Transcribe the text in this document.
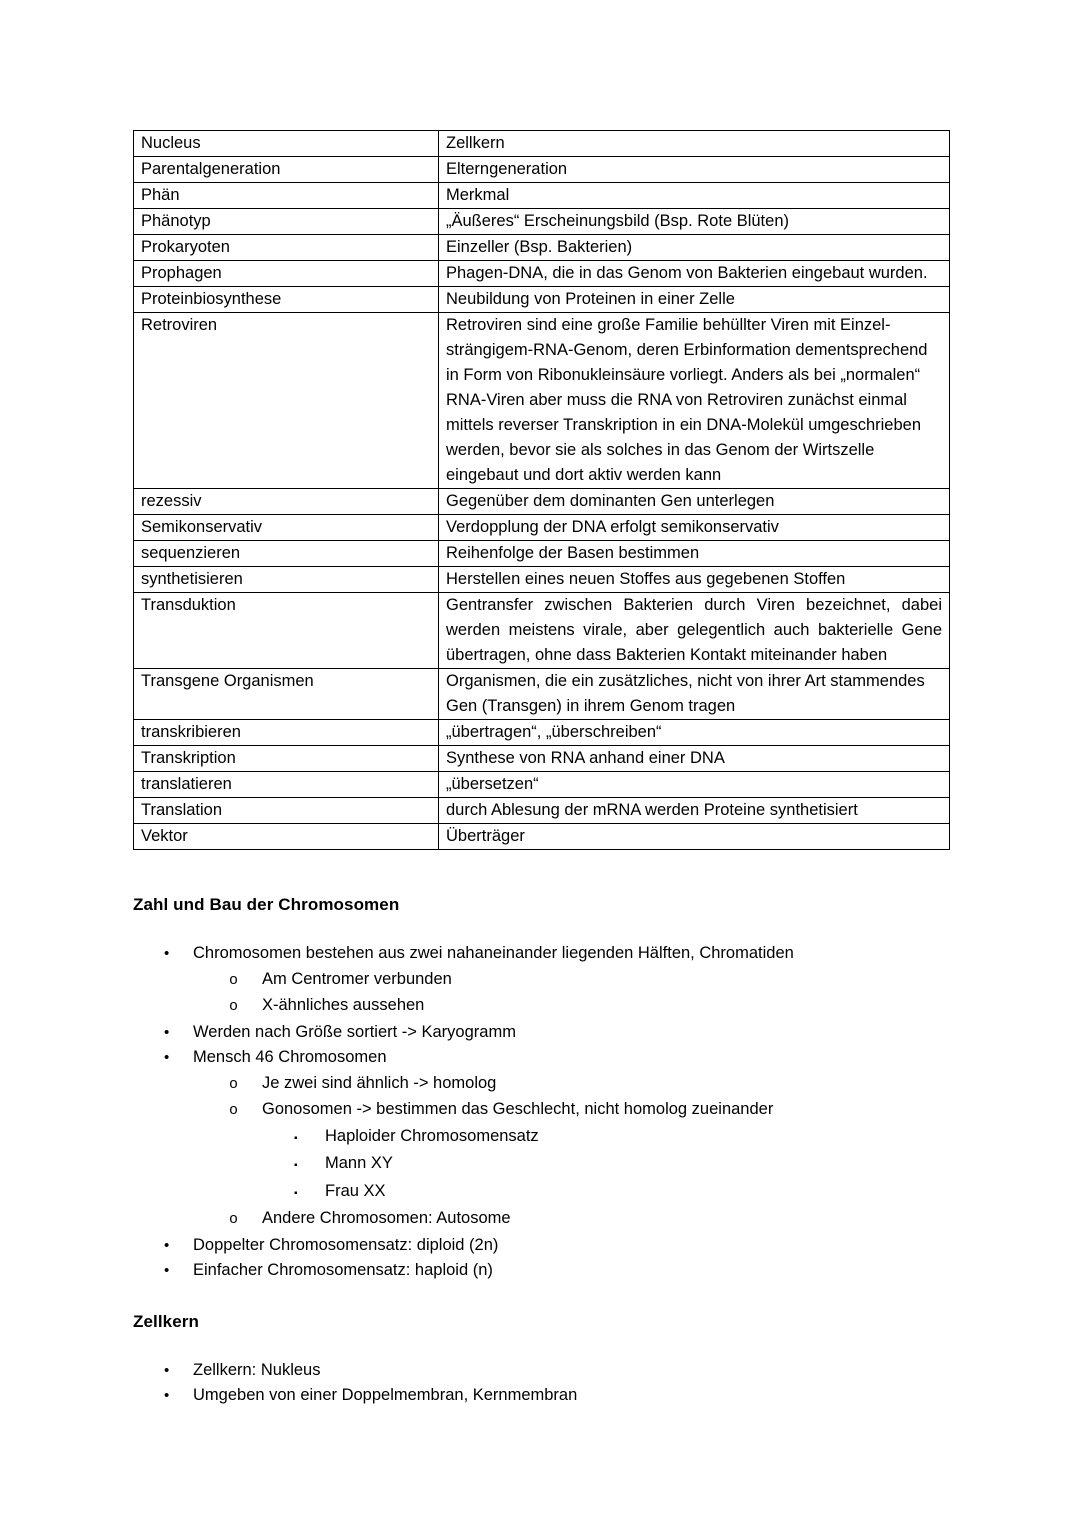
Nucleus	Zellkern
Parentalgeneration	Elterngeneration
Phän	Merkmal
Phänotyp	„Äußeres“ Erscheinungsbild (Bsp. Rote Blüten)
Prokaryoten	Einzeller (Bsp. Bakterien)
Prophagen	Phagen-DNA, die in das Genom von Bakterien eingebaut wurden.
Proteinbiosynthese	Neubildung von Proteinen in einer Zelle
Retroviren	Retroviren sind eine große Familie behüllter Viren mit Einzel-strängigem-RNA-Genom, deren Erbinformation dementsprechend in Form von Ribonukleinsäure vorliegt. Anders als bei „normalen“ RNA-Viren aber muss die RNA von Retroviren zunächst einmal mittels reverser Transkription in ein DNA-Molekül umgeschrieben werden, bevor sie als solches in das Genom der Wirtszelle eingebaut und dort aktiv werden kann
rezessiv	Gegenüber dem dominanten Gen unterlegen
Semikonservativ	Verdopplung der DNA erfolgt semikonservativ
sequenzieren	Reihenfolge der Basen bestimmen
synthetisieren	Herstellen eines neuen Stoffes aus gegebenen Stoffen
Transduktion	Gentransfer zwischen Bakterien durch Viren bezeichnet, dabei werden meistens virale, aber gelegentlich auch bakterielle Gene übertragen, ohne dass Bakterien Kontakt miteinander haben
Transgene Organismen	Organismen, die ein zusätzliches, nicht von ihrer Art stammendes Gen (Transgen) in ihrem Genom tragen
transkribieren	„übertragen“, „überschreiben“
Transkription	Synthese von RNA anhand einer DNA
translatieren	„übersetzen“
Translation	durch Ablesung der mRNA werden Proteine synthetisiert
Vektor	Überträger
Zahl und Bau der Chromosomen
•	Chromosomen bestehen aus zwei nahaneinander liegenden Hälften, Chromatiden
o	Am Centromer verbunden
o	X-ähnliches aussehen
•	Werden nach Größe sortiert -> Karyogramm
•	Mensch 46 Chromosomen
o	Je zwei sind ähnlich -> homolog
o	Gonosomen -> bestimmen das Geschlecht, nicht homolog zueinander
▪	Haploider Chromosomensatz
▪	Mann XY
▪	Frau XX
o	Andere Chromosomen: Autosome
•	Doppelter Chromosomensatz: diploid (2n)
•	Einfacher Chromosomensatz: haploid (n)
Zellkern
•	Zellkern: Nukleus
•	Umgeben von einer Doppelmembran, Kernmembran
